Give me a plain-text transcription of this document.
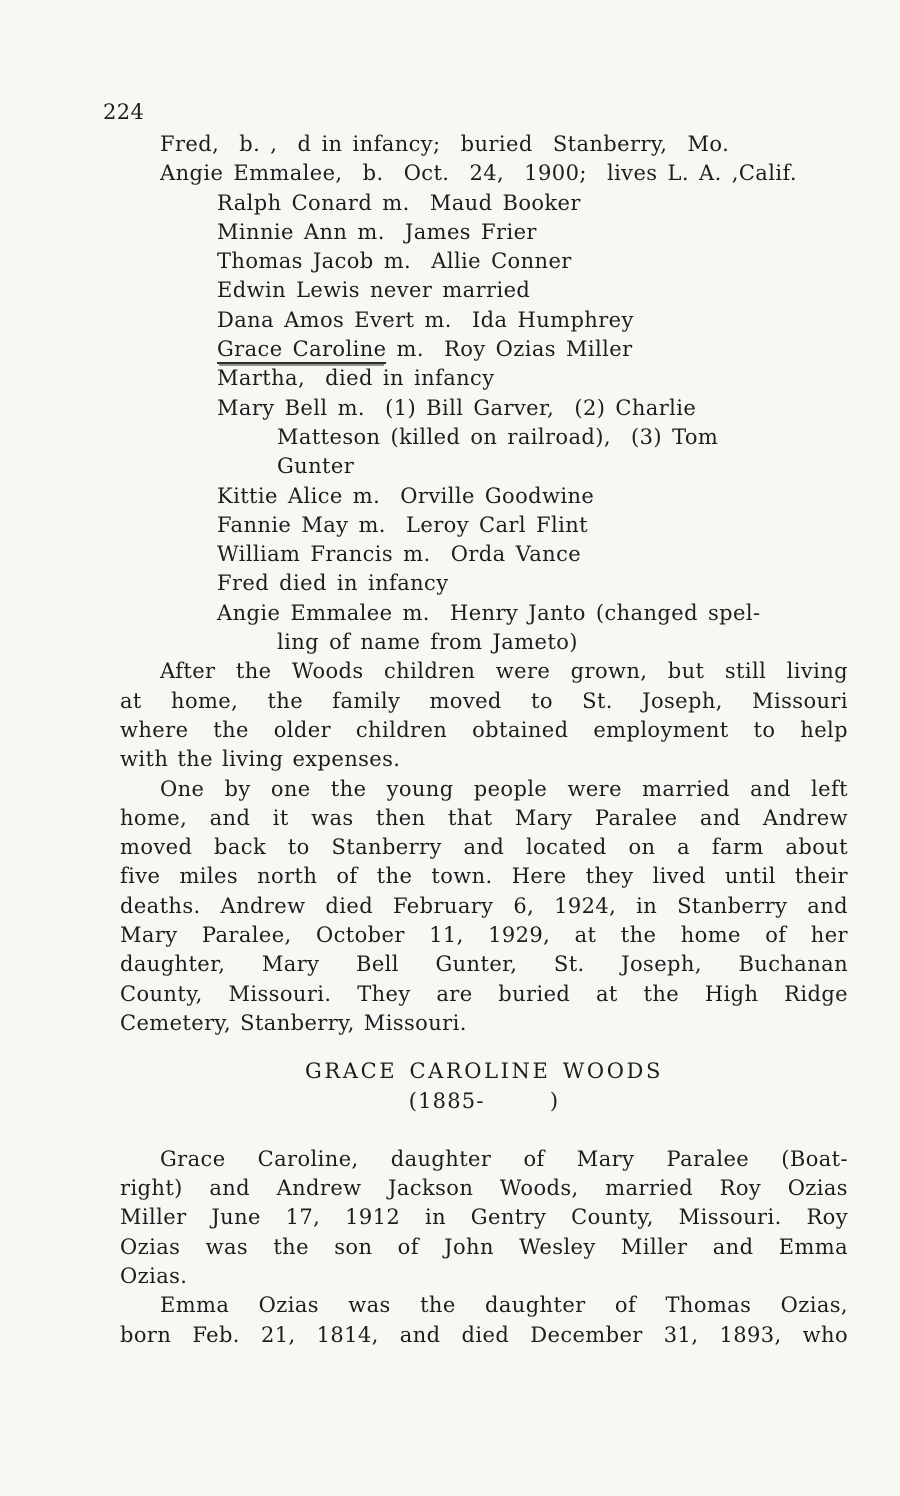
224
Fred,  b. ,  d in infancy;  buried  Stanberry,  Mo.
Angie Emmalee,  b.  Oct.  24,  1900;  lives L. A. ,Calif.
Ralph Conard m.  Maud Booker
Minnie Ann m.  James Frier
Thomas Jacob m.  Allie Conner
Edwin Lewis never married
Dana Amos Evert m.  Ida Humphrey
Grace Caroline m.  Roy Ozias Miller
Martha,  died in infancy
Mary Bell m.  (1) Bill Garver,  (2) Charlie
Matteson (killed on railroad),  (3) Tom
Gunter
Kittie Alice m.  Orville Goodwine
Fannie May m.  Leroy Carl Flint
William Francis m.  Orda Vance
Fred died in infancy
Angie Emmalee m.  Henry Janto (changed spel-
ling of name from Jameto)
After the Woods children were grown, but still living
at home, the family moved to St. Joseph, Missouri
where the older children obtained employment to help
with the living expenses.
One by one the young people were married and left
home, and it was then that Mary Paralee and Andrew
moved back to Stanberry and located on a farm about
five miles north of the town. Here they lived until their
deaths. Andrew died February 6, 1924, in Stanberry and
Mary Paralee, October 11, 1929, at the home of her
daughter, Mary Bell Gunter, St. Joseph, Buchanan
County, Missouri. They are buried at the High Ridge
Cemetery, Stanberry, Missouri.
GRACE CAROLINE WOODS
(1885-      )
Grace Caroline, daughter of Mary Paralee (Boat-
right) and Andrew Jackson Woods, married Roy Ozias
Miller June 17, 1912 in Gentry County, Missouri. Roy
Ozias was the son of John Wesley Miller and Emma
Ozias.
Emma Ozias was the daughter of Thomas Ozias,
born Feb. 21, 1814, and died December 31, 1893, who
